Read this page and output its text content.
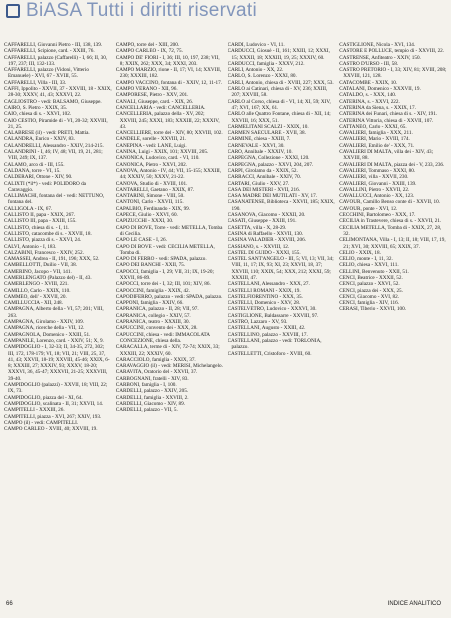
BiASA Tutti i diritti riservati

CAFFARELLI, Giovanni Pietro - III, 138, 139.

CAFFARELLI, Scipione, card. - XXIII, 76.

CAFFARELLI, palazzo (Caffarelli) - I, 66; II, 30, 197, 237; III, 132-133.

CAFFARELLI, palazzo (Vidoni, Vitterio Emanuele) - XVI, 67 - XVIII, 55.

CAFFARELLI, Villa - III, 33.

CAFFI, Ippolito - XXVII, 37 - XXVIII, 18 - XXIX, 28-30; XXXV, 41, 43; XXXVI, 22.

CAGLIOSTRO - vedi: BALSAMO, Giuseppe.

CAIRO, S. Pietro - XXIX, 35.

CAIO, chiesa di s. - XXVI, 102.

CAIO CESTIO, Piramide di - VI, 20-32; XXVIII, 21, 25.

CALABRESE (il) - vedi: PRETI, Mattia.

CALANDRA, Enrico - XXIV, 83.

CALANDRELLI, Alessandro - XXIV, 214-215.

CALANDRINI - I, 46; IV, 48; VII, 19, 21, 281; VIII, 249; IX, 137.

CALAMO, arco di - III, 155.

CALDANA, torre - VI, 15.

CALDERARI, Ottone - XIV, 90.

CALIXTI (*il*) - vedi: POLIDORO da Caravaggio.

CALLIMACHI, fontana del - vedi: NETTUNO, fontana del.

CALLIGOLA - IX, 67.

CALLISTO II, papa - XXIX, 267.

CALLISTO III, papa - XXIII, 155.

CALLISTO, chiesa di s. - I, 11.

CALLISTO, catacombe di s. - XXVII, 18.

CALLISTO, piazza di s. - XXVI, 24.

CALVI, Antonio - I, 183.

CALZABINI, Francesco - XXIV, 252.

CAMASSEI, Andrea - II, 191, 196; XXX, 52.

CAMBELLOTTI, Duilio - VII, 38.

CAMERINO, Jacopo - VII, 141.

CAMERLENGATO (Palazzo del) - II, 43.

CAMERLENGO - XVIII, 221.

CAMILLO, Carlo - XXIX, 110.

CAMMEO, dell' - XXVII, 20.

CAMILLUCCIA - XII, 248.

CAMPAGNA, Alberto della - VI, 57; 201; VIII, 263.

CAMPAGNA, Girolamo - XXIV, 109.

CAMPAGNA, ricerche della - VII, 12.

CAMPAGNOLA, Domenico - XXIII, 51.

CAMPANILE, Lorenzo, card. - XXIV, 51; X, 9.

CAMPIDOGLIO - I, 32-33; II, 34-35, 272, 302; III, 172, 178-179; VI, 18; VII, 21; VIII, 25, 37, 41, 43; XXVII, 18-19; XXVIII, 45-46; XXIX, 6-8; XXXIII, 27; XXXIV, 93; XXXV, 18-20; XXXVI, 36, 45-47; XXXVII, 21-25; XXXVIII, 39-40.

CAMPIDOGLIO (palazzi) - XXVII, 18; VIII, 22; IX, 73.

CAMPIDOGLIO, piazza del - XI, 64.

CAMPIDOGLIO, scalinata - II, 31; XXVII, 14.

CAMPITELLI - XXXIII, 26.

CAMPITELLI, piazza - XVI, 267; XXIV, 193.

CAMPO (il) - vedi: CAMPITELLI.

CAMPO CARLEO - XVIII, 40; XXVIII, 19.

CAMPO, torre del - XIII, 200.

CAMPO CARLEO - IX, 72, 75.

CAMPO DE' FIORI - I, 36; III, 10, 197, 238; VII, 8; XXIX, 262; XXX, 34; XXXI, 203.

CAMPO MARZIO, rione - II, 17; VI, 14; XXVIII, 230; XXXIII, 182.

CAMPO VACCINO, fontana di - XXIV, 12, 11-17.

CAMPO VERANO - XII, 96.

CAMPORESE, Pietro - XXV, 201.

CANALI, Giuseppe, card. - XIX, 26.

CANCELLARIA - vedi: CANCELLERIA.

CANCELLERIA, palazzo della - XV, 202; XXVIII, 245; XXXI, 183; XXXIII, 22; XXXIV, 43.

CANCELLIERE, torre del - XIV, 80; XXVIII, 102.

CANDELE, sorelle - XXVIII, 21.

CANEPINA - vedi: LANE, Luigi.

CANINA, Luigi - XXIX, 101; XXVIII, 205.

CANONICA, Ludovico, card. - VI, 110.

CANONICA, Pietro - XXVI, 202.

CANOVA, Antonio - IV, 44; VII, 15-155; XXXIII, 44; XXXIV, 50; XXXV, 21-22.

CANOVA, Studio di - XVIII, 101.

CANTARELLI, Gaetano - XXIX, 87.

CANTARINI, Simone - VIII, 50.

CANTONI, Carlo - XXVII, 115.

CAPALBIO, Ferdinando - XIX, 99.

CAPECE, Giulio - XXVI, 60.

CAPIZUCCHI - XXXI, 30.

CAPO DI BOVE, Torre - vedi: METELLA, Tomba di Cecilia.

CAPO LE CASE - I, 26.

CAPO DI BOVE - vedi: CECILIA METELLA, Tomba di.

CAPO DI FERRO - vedi: SPADA, palazzo.

CAPO DEI BANCHI - XXII, 75.

CAPOCCI, famiglia - I, 29; VII, 31; IX, 19-20; XXVII, 86-89.

CAPOCCI, torre dei - I, 32; III, 101; XIV, 86.

CAPOCCINI, famiglia - XXIX, 42.

CAPODIFERRO, palazzo - vedi: SPADA, palazzo.

CAPPONI, famiglia - XXIV, 66.

CAPRANICA, palazzo - II, 28; VII, 97.

CAPRANICA, collegio - XXIV, 57.

CAPRANICA, teatro - XXXIII, 30.

CAPUCCINI, convento dei - XXX, 28.

CAPUCCINI, chiesa - vedi: IMMACOLATA CONCEZIONE, chiesa della.

CARACALLA, terme di - XIV, 72-74; XXIX, 33; XXXIII, 22; XXXIV, 60.

CARACCIOLO, famiglia - XXIX, 37.

CARAVAGGIO (il) - vedi: MERISI, Michelangelo.

CARAVITA, Oratorio del - XXVII, 37.

CARBOGNANI, fratelli - XIV, 83.

CARBONI, famiglia - I, 100.

CARDELLI, palazzo - XXIV, 205.

CARDELLI, famiglia - XXVIII, 2.

CARDELLI, Giacomo - XIV, 89.

CARDELLI, palazzo - VII, 5.

CARDI, Ludovico - VI, 11.

CARDUCCI, Giosuè - II, 161; XXIII, 12; XXXI, 15; XXXII, 18; XXXIII, 19, 25; XXXIV, 60.

CARDUCCI, famiglia - XXXV, 212.

CARLI, Antonio - XX, 22.

CARLO, S. Lorenzo - XXXI, 80.

CARLI, Antonio, chiesa di - XVIII, 227; XXX, 53.

CARLO ai Catinari, chiesa di - XV, 236; XXIII, 207; XXVIII, 58.

CARLO al Corso, chiesa di - VI, 14; XI, 59; XIV, 47; XVI, 167; XX, 61.

CARLO alle Quattro Fontane, chiesa di - XII, 14; XXVIII, 16; XXX, 51.

CARMELITANI SCALZI - XXIX, 10.

CARMEN SAECULARE - XVII, 38.

CARMINE, chiesa - XXIII, 7.

CARNEVALE - XXVI, 30.

CARO, Annibale - XXXIV, 10.

CARPEGNA, Collezione - XXXI, 120.

CARPEGNA, palazzo - XXVI, 204, 207.

CARPI, Girolamo da - XXIX, 52.

CARRACCI, Annibale - XXIV, 70.

CARTARI, Giulio - XXV, 27.

CASA DEI MISTERI - XVII, 216.

CASA MADRE DEI MUTILATI - XV, 17.

CASANATENSE, Biblioteca - XXVII, 185; XXIX, 190.

CASANOVA, Giacomo - XXXII, 20.

CASATI, Giuseppe - XXIII, 191.

CASETTA, villa - X, 28-29.

CASINA di Raffaello - XXVII, 130.

CASINA VALADIER - XXVIII, 206.

CASSIANO, s. - XXVIII, 12.

CASTEL DI GUIDO - XXXI, 155.

CASTEL SANT'ANGELO - III, 5; VI, 13; VII, 34; VIII, 11, 17; IX, 93; XI, 23; XXVII, 18, 37; XXVIII, 110; XXIX, 54; XXX, 212; XXXI, 59; XXXIII, 47.

CASTELLANI, Alessandro - XXX, 27.

CASTELLI ROMANI - XXIX, 19.

CASTELFIORENTINO - XXX, 35.

CASTELLI, Domenico - XXV, 28.

CASTELVETRO, Ludovico - XXXVI, 30.

CASTIGLIONE, Baldassarre - XXVIII, 97.

CASTRO, Lazzaro - XV, 93.

CASTELLANI, Augusto - XXIII, 42.

CASTELLINO, palazzo - XXVIII, 17.

CASTELLANI, palazzo - vedi: TORLONIA, palazzo.

CASTELLETTI, Cristoforo - XVIII, 60.

CASTIGLIONE, Nicola - XVI, 134.

CASTORE E POLLUCE, tempio di - XXVIII, 22.

CASTRENSE, Anfiteatro - XXIV, 150.

CASTRO D'URSO - III, 58.

CASTRO PRETORIO - I, 33; XIV, 81; XVIII, 208; XXVIII, 121, 128.

CATACOMBE - XXIX, 10.

CATALANI, Domenico - XXXVII, 19.

CATALDO, s. - XXX, 140.

CATERINA, s. - XXVI, 222.

CATERINA da Siena, s. - XXIX, 17.

CATERINA dei Funari, chiesa di s. - XIV, 191.

CATERINA Vittoria, chiesa di - XXVII, 107.

CATTANEO, Carlo - XXXI, 65.

CAVALIERI, famiglia - XXX, 211.

CAVALIERI, Mario - XVIII, 174.

CAVALIERI, Emilio de' - XXX, 71.

CAVALIERI DI MALTA, villa dei - XIV, 43; XXVIII, 88.

CAVALIERI DI MALTA, piazza dei - V, 233, 236.

CAVALIERI, Tommaso - XXXI, 80.

CAVALIERI, villa - XXVII, 230.

CAVALIERI, Giovanni - XXIII, 139.

CAVALLINI, Pietro - XXVII, 22.

CAVALLUCCI, Antonio - XX, 123.

CAVOUR, Camillo Benso conte di - XXVII, 10.

CAVOUR, ponte - XVI, 12.

CECCHINI, Bartolomeo - XXX, 17.

CECILIA in Trastevere, chiesa di s. - XXVII, 21.

CECILIA METELLA, Tomba di - XXIX, 27, 28, 32.

CELIMONTANA, Villa - I, 13; II, 18; VIII, 17, 19, 21; XVI, 30; XXVIII, 65; XXIX, 37.

CELIO - XXIX, 18.

CELIO, monte - I, 11, 32.

CELIO, chiesa - XXVI, 111.

CELLINI, Benvenuto - XXII, 51.

CENCI, Beatrice - XXXII, 52.

CENCI, palazzo - XXVI, 52.

CENCI, piazza dei - XXX, 25.

CENCI, Giacomo - XVI, 82.

CENCI, famiglia - XIV, 116.

CERASI, Tiberio - XXVII, 100.

66	INDICE ANALITICO
